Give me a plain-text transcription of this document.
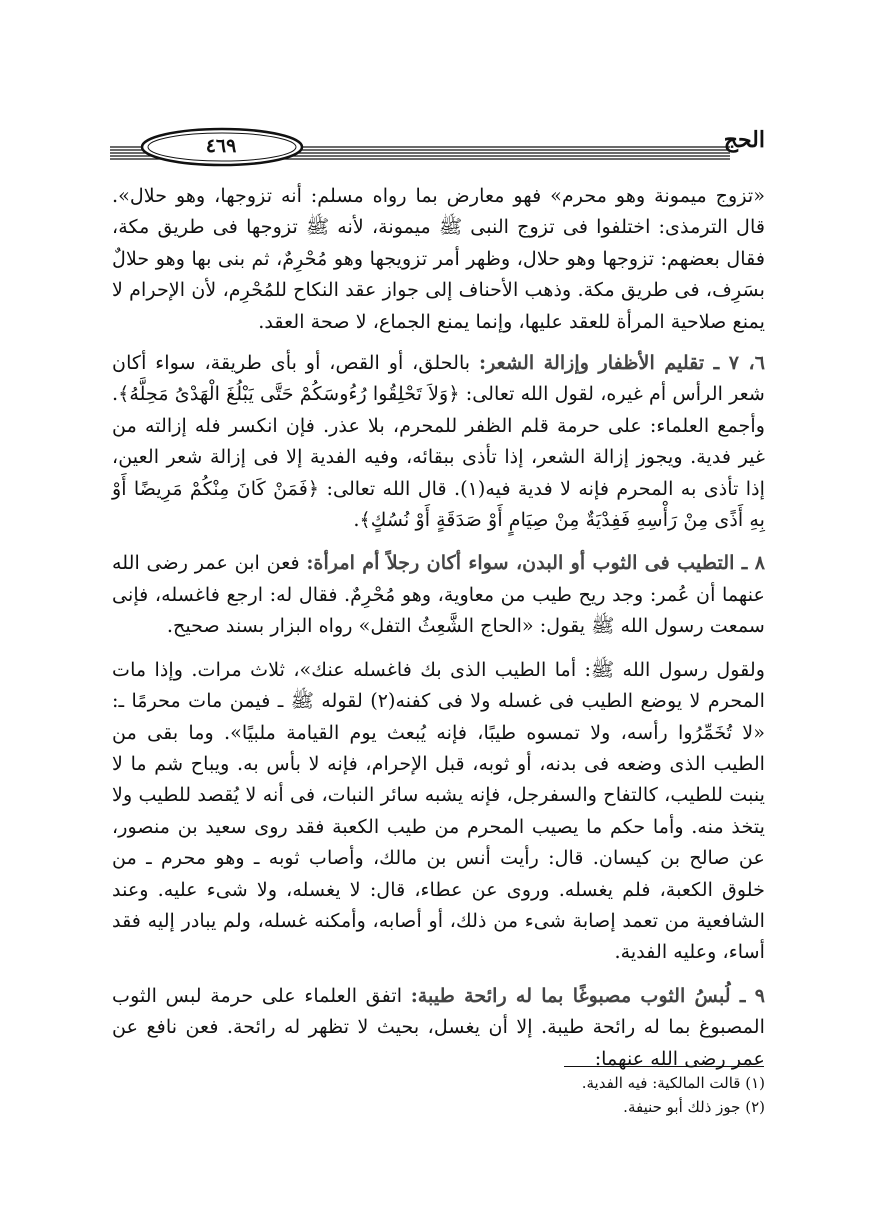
٤٦٩	الحج

«تزوج ميمونة وهو محرم» فهو معارض بما رواه مسلم: أنه تزوجها، وهو حلال». قال الترمذى: اختلفوا فى تزوج النبى ﷺ ميمونة، لأنه ﷺ تزوجها فى طريق مكة، فقال بعضهم: تزوجها وهو حلال، وظهر أمر تزويجها وهو مُحْرِمٌ، ثم بنى بها وهو حلالٌ بسَرِف، فى طريق مكة. وذهب الأحناف إلى جواز عقد النكاح للمُحْرِم، لأن الإحرام لا يمنع صلاحية المرأة للعقد عليها، وإنما يمنع الجماع، لا صحة العقد.

٦، ٧ ـ تقليم الأظفار وإزالة الشعر: بالحلق، أو القص، أو بأى طريقة، سواء أكان شعر الرأس أم غيره، لقول الله تعالى: ﴿وَلاَ تَحْلِقُوا رُءُوسَكُمْ حَتَّى يَبْلُغَ الْهَدْىُ مَحِلَّهُ﴾. وأجمع العلماء: على حرمة قلم الظفر للمحرم، بلا عذر. فإن انكسر فله إزالته من غير فدية. ويجوز إزالة الشعر، إذا تأذى ببقائه، وفيه الفدية إلا فى إزالة شعر العين، إذا تأذى به المحرم فإنه لا فدية فيه(١). قال الله تعالى: ﴿فَمَنْ كَانَ مِنْكُمْ مَرِيضًا أَوْ بِهِ أَذًى مِنْ رَأْسِهِ فَفِدْيَةٌ مِنْ صِيَامٍ أَوْ صَدَقَةٍ أَوْ نُسُكٍ﴾.

٨ ـ التطيب فى الثوب أو البدن، سواء أكان رجلاً أم امرأة: فعن ابن عمر رضى الله عنهما أن عُمر: وجد ريح طيب من معاوية، وهو مُحْرِمٌ. فقال له: ارجع فاغسله، فإنى سمعت رسول الله ﷺ يقول: «الحاج الشَّعِثُ التفل» رواه البزار بسند صحيح.

ولقول رسول الله ﷺ: أما الطيب الذى بك فاغسله عنك»، ثلاث مرات. وإذا مات المحرم لا يوضع الطيب فى غسله ولا فى كفنه(٢) لقوله ﷺ ـ فيمن مات محرمًا ـ: «لا تُخَمِّرُوا رأسه، ولا تمسوه طيبًا، فإنه يُبعث يوم القيامة ملبيًا». وما بقى من الطيب الذى وضعه فى بدنه، أو ثوبه، قبل الإحرام، فإنه لا بأس به. ويباح شم ما لا ينبت للطيب، كالتفاح والسفرجل، فإنه يشبه سائر النبات، فى أنه لا يُقصد للطيب ولا يتخذ منه. وأما حكم ما يصيب المحرم من طيب الكعبة فقد روى سعيد بن منصور، عن صالح بن كيسان. قال: رأيت أنس بن مالك، وأصاب ثوبه ـ وهو محرم ـ من خلوق الكعبة، فلم يغسله. وروى عن عطاء، قال: لا يغسله، ولا شىء عليه. وعند الشافعية من تعمد إصابة شىء من ذلك، أو أصابه، وأمكنه غسله، ولم يبادر إليه فقد أساء، وعليه الفدية.

٩ ـ لُبسُ الثوب مصبوغًا بما له رائحة طيبة: اتفق العلماء على حرمة لبس الثوب المصبوغ بما له رائحة طيبة. إلا أن يغسل، بحيث لا تظهر له رائحة. فعن نافع عن عمر رضى الله عنهما:

(١) قالت المالكية: فيه الفدية.
(٢) جوز ذلك أبو حنيفة.
